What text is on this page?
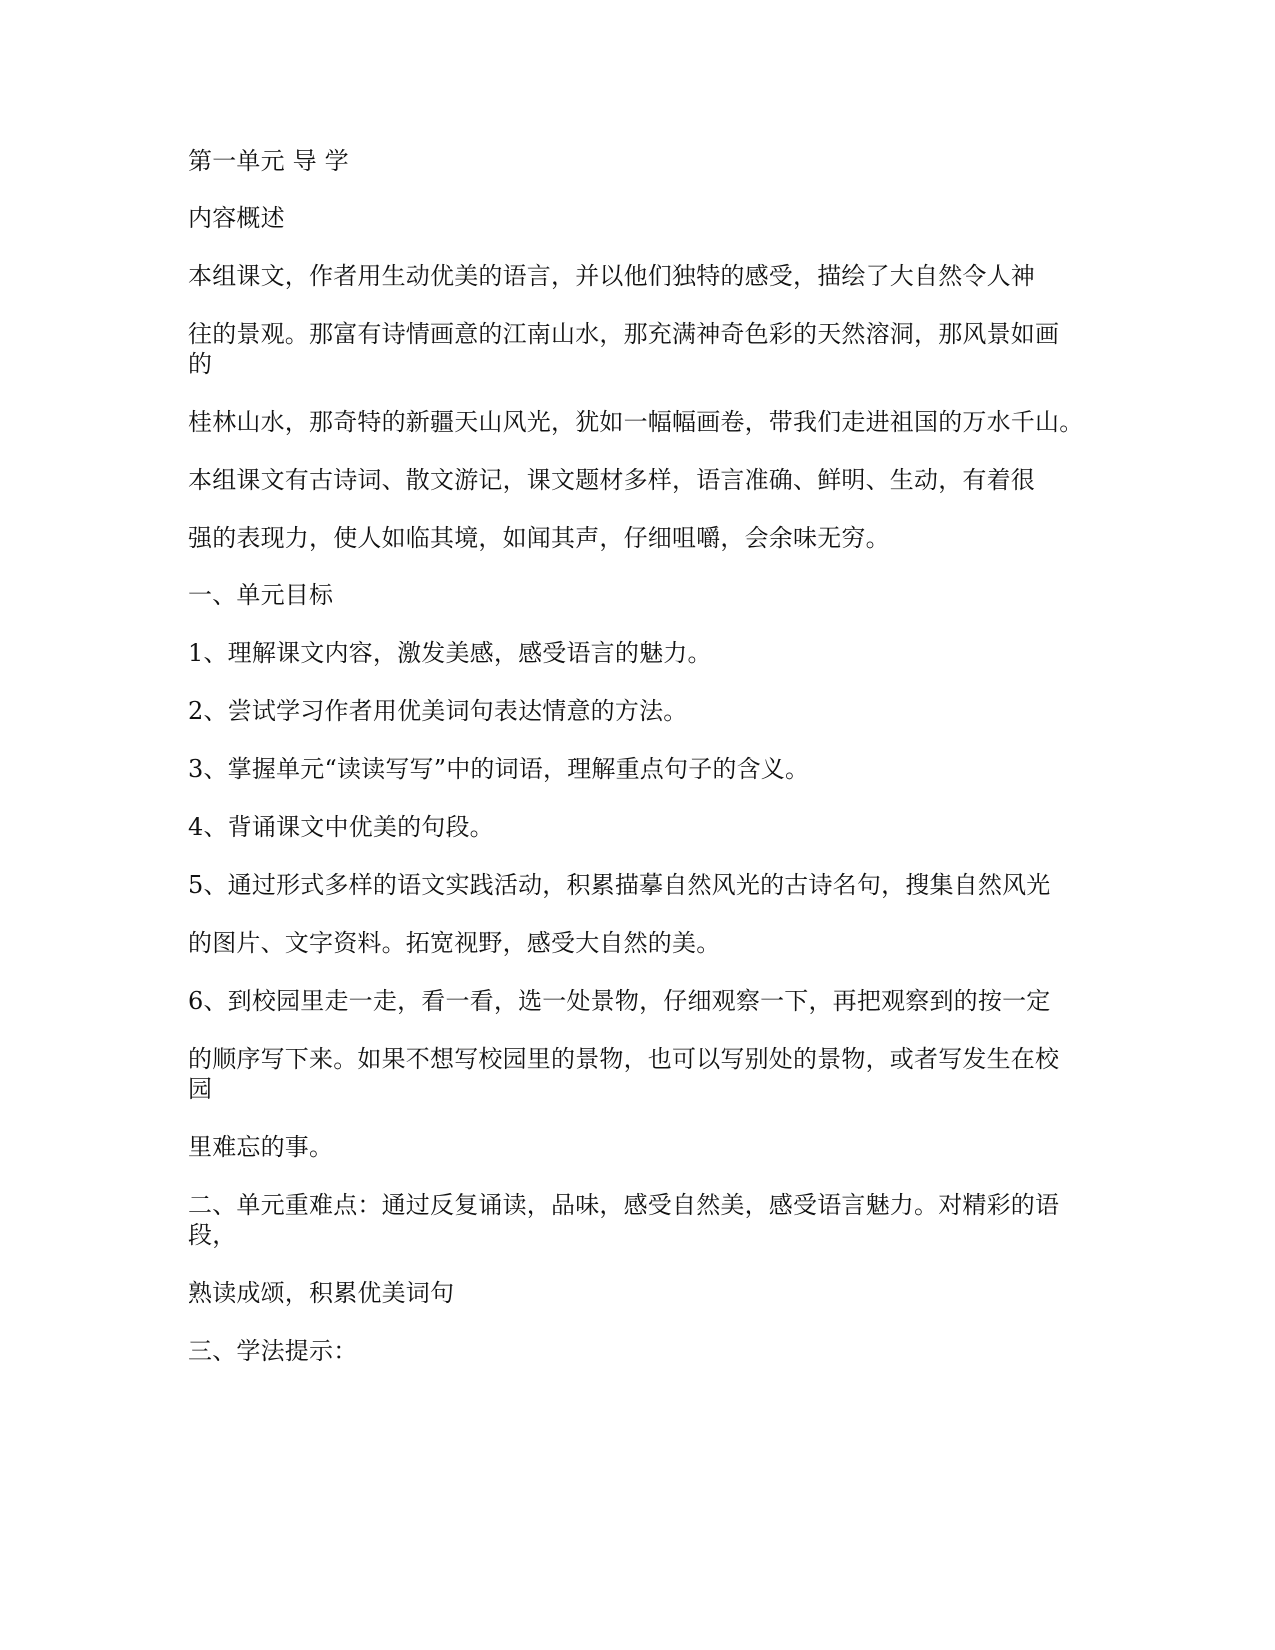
第一单元 导 学

内容概述

本组课文，作者用生动优美的语言，并以他们独特的感受，描绘了大自然令人神

往的景观。那富有诗情画意的江南山水，那充满神奇色彩的天然溶洞，那风景如画

的

桂林山水，那奇特的新疆天山风光，犹如一幅幅画卷，带我们走进祖国的万水千山。

本组课文有古诗词、散文游记，课文题材多样，语言准确、鲜明、生动，有着很

强的表现力，使人如临其境，如闻其声，仔细咀嚼，会余味无穷。

一、单元目标

1、理解课文内容，激发美感，感受语言的魅力。

2、尝试学习作者用优美词句表达情意的方法。

3、掌握单元“读读写写”中的词语，理解重点句子的含义。

4、背诵课文中优美的句段。

5、通过形式多样的语文实践活动，积累描摹自然风光的古诗名句，搜集自然风光

的图片、文字资料。拓宽视野，感受大自然的美。

6、到校园里走一走，看一看，选一处景物，仔细观察一下，再把观察到的按一定

的顺序写下来。如果不想写校园里的景物，也可以写别处的景物，或者写发生在校

园

里难忘的事。

二、单元重难点：通过反复诵读，品味，感受自然美，感受语言魅力。对精彩的语

段，

熟读成颂，积累优美词句

三、学法提示：
